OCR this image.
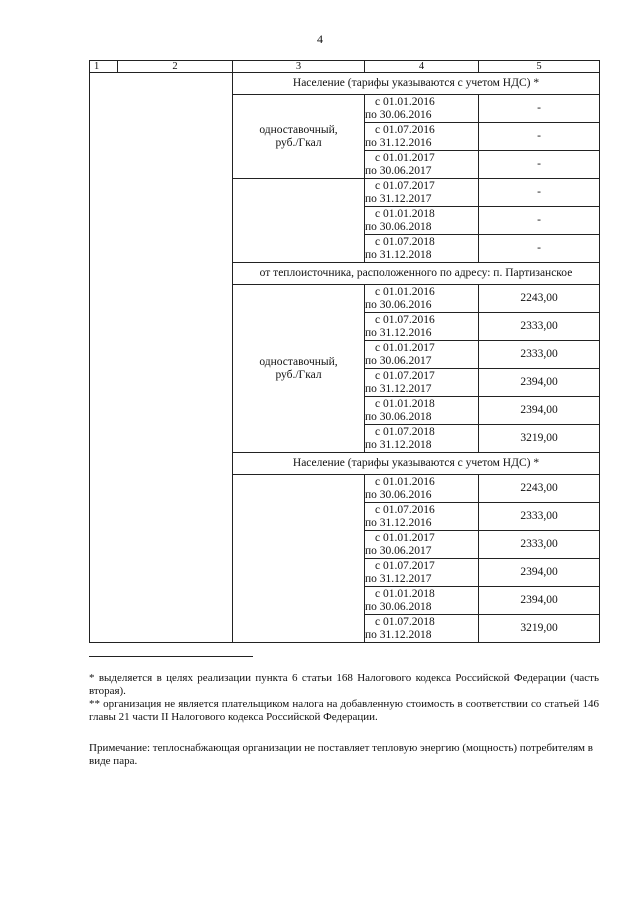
4
1	2	3	4	5
		Население (тарифы указываются с учетом НДС) *		

		одноставочный,
руб./Гкал	с 01.01.2016
по 30.06.2016	-

			с 01.07.2016
по 31.12.2016	-

			с 01.01.2017
по 30.06.2017	-

			с 01.07.2017
по 31.12.2017	-

			с 01.01.2018
по 30.06.2018	-

			с 01.07.2018
по 31.12.2018	-
		от теплоисточника, расположенного по адресу: п. Партизанское		

		одноставочный,
руб./Гкал	с 01.01.2016
по 30.06.2016	2243,00

			с 01.07.2016
по 31.12.2016	2333,00

			с 01.01.2017
по 30.06.2017	2333,00

			с 01.07.2017
по 31.12.2017	2394,00

			с 01.01.2018
по 30.06.2018	2394,00

			с 01.07.2018
по 31.12.2018	3219,00
		Население (тарифы указываются с учетом НДС) *		

			с 01.01.2016
по 30.06.2016	2243,00

			с 01.07.2016
по 31.12.2016	2333,00

			с 01.01.2017
по 30.06.2017	2333,00

			с 01.07.2017
по 31.12.2017	2394,00

			с 01.01.2018
по 30.06.2018	2394,00

			с 01.07.2018
по 31.12.2018	3219,00

* выделяется в целях реализации пункта 6 статьи 168 Налогового кодекса Российской Федерации (часть вторая).

** организация не является плательщиком налога на добавленную стоимость в соответствии со статьей 146 главы 21 части II Налогового кодекса Российской Федерации.

Примечание: теплоснабжающая организации не поставляет тепловую энергию (мощность) потребителям в виде пара.
